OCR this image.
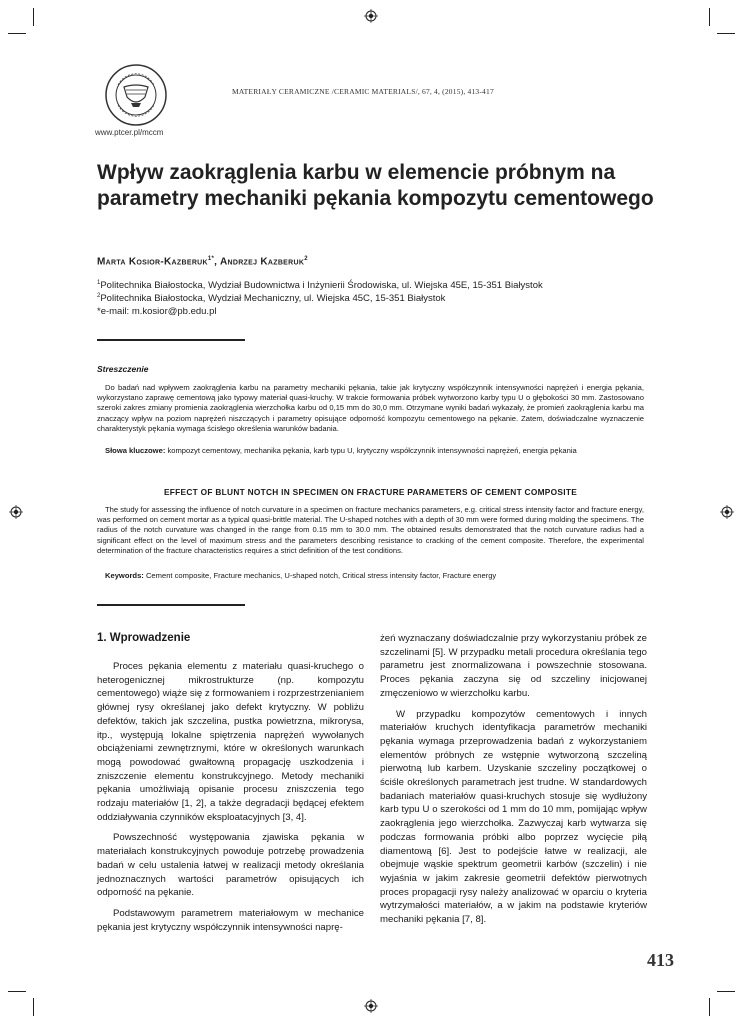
MATERIAŁY CERAMICZNE /CERAMIC MATERIALS/, 67, 4, (2015), 413-417
www.ptcer.pl/mccm
Wpływ zaokrąglenia karbu w elemencie próbnym na parametry mechaniki pękania kompozytu cementowego
Marta Kosior-Kazberuk$^{1*}$, Andrzej Kazberuk$^2$
$^1$Politechnika Białostocka, Wydział Budownictwa i Inżynierii Środowiska, ul. Wiejska 45E, 15-351 Białystok
$^2$Politechnika Białostocka, Wydział Mechaniczny, ul. Wiejska 45C, 15-351 Białystok
*e-mail: m.kosior@pb.edu.pl
Streszczenie
Do badań nad wpływem zaokrąglenia karbu na parametry mechaniki pękania, takie jak krytyczny współczynnik intensywności naprężeń i energia pękania, wykorzystano zaprawę cementową jako typowy materiał quasi-kruchy. W trakcie formowania próbek wytworzono karby typu U o głębokości 30 mm. Zastosowano szeroki zakres zmiany promienia zaokrąglenia wierzchołka karbu od 0,15 mm do 30,0 mm. Otrzymane wyniki badań wykazały, że promień zaokrąglenia karbu ma znaczący wpływ na poziom naprężeń niszczących i parametry opisujące odporność kompozytu cementowego na pękanie. Zatem, doświadczalne wyznaczenie charakterystyk pękania wymaga ścisłego określenia warunków badania.
Słowa kluczowe: kompozyt cementowy, mechanika pękania, karb typu U, krytyczny współczynnik intensywności naprężeń, energia pękania
EFFECT OF BLUNT NOTCH IN SPECIMEN ON FRACTURE PARAMETERS OF CEMENT COMPOSITE
The study for assessing the influence of notch curvature in a specimen on fracture mechanics parameters, e.g. critical stress intensity factor and fracture energy, was performed on cement mortar as a typical quasi-brittle material. The U-shaped notches with a depth of 30 mm were formed during molding the specimens. The radius of the notch curvature was changed in the range from 0.15 mm to 30.0 mm. The obtained results demonstrated that the notch curvature radius had a significant effect on the level of maximum stress and the parameters describing resistance to cracking of the cement composite. Therefore, the experimental determination of the fracture characteristics requires a strict definition of the test conditions.
Keywords: Cement composite, Fracture mechanics, U-shaped notch, Critical stress intensity factor, Fracture energy
1. Wprowadzenie

Proces pękania elementu z materiału quasi-kruchego o heterogenicznej mikrostrukturze (np. kompozytu cementowego) wiąże się z formowaniem i rozprzestrzenianiem głównej rysy określanej jako defekt krytyczny. W pobliżu defektów, takich jak szczelina, pustka powietrzna, mikrorysa, itp., występują lokalne spiętrzenia naprężeń wywołanych obciążeniami zewnętrznymi, które w określonych warunkach mogą powodować gwałtowną propagację uszkodzenia i zniszczenie elementu konstrukcyjnego. Metody mechaniki pękania umożliwiają opisanie procesu zniszczenia tego rodzaju materiałów [1, 2], a także degradacji będącej efektem oddziaływania czynników eksploatacyjnych [3, 4].

Powszechność występowania zjawiska pękania w materiałach konstrukcyjnych powoduje potrzebę prowadzenia badań w celu ustalenia łatwej w realizacji metody określania jednoznacznych wartości parametrów opisujących ich odporność na pękanie.

Podstawowym parametrem materiałowym w mechanice pękania jest krytyczny współczynnik intensywności naprę-

żeń wyznaczany doświadczalnie przy wykorzystaniu próbek ze szczelinami [5]. W przypadku metali procedura określania tego parametru jest znormalizowana i powszechnie stosowana. Proces pękania zaczyna się od szczeliny inicjowanej zmęczeniowo w wierzchołku karbu.

W przypadku kompozytów cementowych i innych materiałów kruchych identyfikacja parametrów mechaniki pękania wymaga przeprowadzenia badań z wykorzystaniem elementów próbnych ze wstępnie wytworzoną szczeliną pierwotną lub karbem. Uzyskanie szczeliny początkowej o ściśle określonych parametrach jest trudne. W standardowych badaniach materiałów quasi-kruchych stosuje się wydłużony karb typu U o szerokości od 1 mm do 10 mm, pomijając wpływ zaokrąglenia jego wierzchołka. Zazwyczaj karb wytwarza się podczas formowania próbki albo poprzez wycięcie piłą diamentową [6]. Jest to podejście łatwe w realizacji, ale obejmuje wąskie spektrum geometrii karbów (szczelin) i nie wyjaśnia w jakim zakresie geometrii defektów pierwotnych proces propagacji rysy należy analizować w oparciu o kryteria wytrzymałości materiałów, a w jakim na podstawie kryteriów mechaniki pękania [7, 8].

413
